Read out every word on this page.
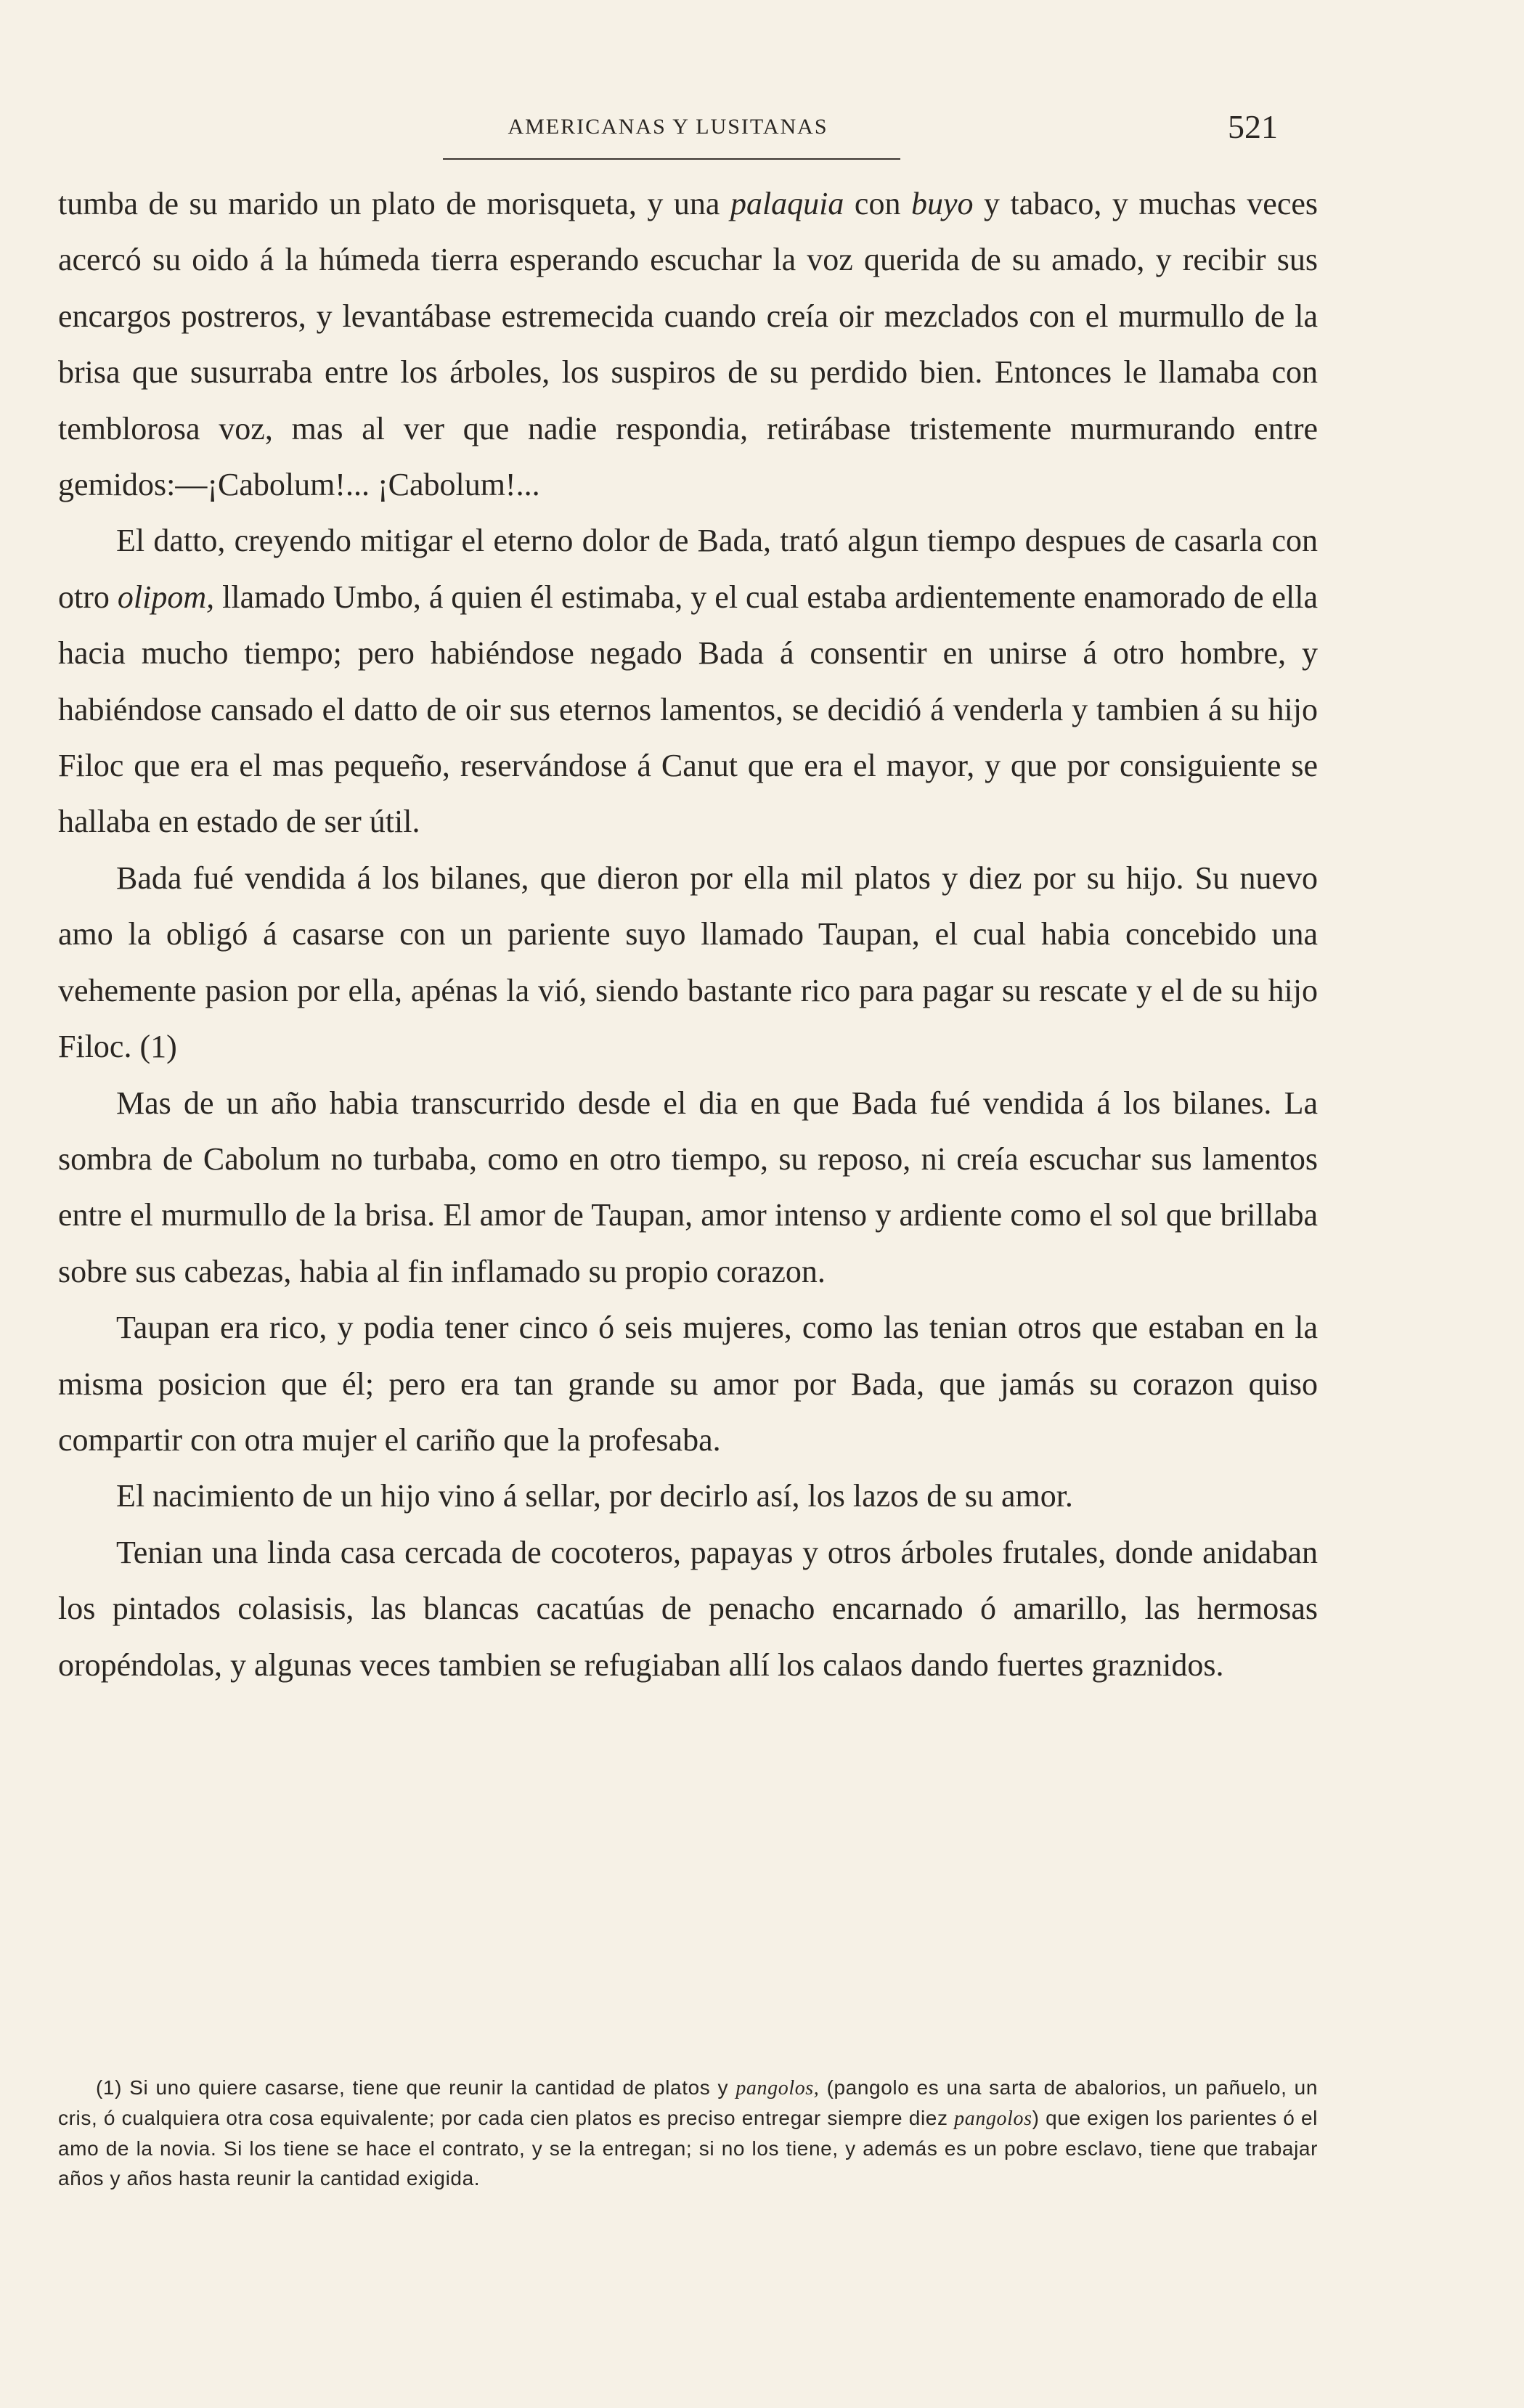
AMERICANAS Y LUSITANAS	521

tumba de su marido un plato de morisqueta, y una palaquia con buyo y tabaco, y muchas veces acercó su oido á la húmeda tierra esperando escuchar la voz querida de su amado, y recibir sus encargos postreros, y levantábase estremecida cuando creía oir mezclados con el murmullo de la brisa que susurraba entre los árboles, los suspiros de su perdido bien. Entonces le llamaba con temblorosa voz, mas al ver que nadie respondia, retirábase tristemente murmurando entre gemidos:—¡Cabolum!... ¡Cabolum!...

El datto, creyendo mitigar el eterno dolor de Bada, trató algun tiempo despues de casarla con otro olipom, llamado Umbo, á quien él estimaba, y el cual estaba ardientemente enamorado de ella hacia mucho tiempo; pero habiéndose negado Bada á consentir en unirse á otro hombre, y habiéndose cansado el datto de oir sus eternos lamentos, se decidió á venderla y tambien á su hijo Filoc que era el mas pequeño, reservándose á Canut que era el mayor, y que por consiguiente se hallaba en estado de ser útil.

Bada fué vendida á los bilanes, que dieron por ella mil platos y diez por su hijo. Su nuevo amo la obligó á casarse con un pariente suyo llamado Taupan, el cual habia concebido una vehemente pasion por ella, apénas la vió, siendo bastante rico para pagar su rescate y el de su hijo Filoc. (1)

Mas de un año habia transcurrido desde el dia en que Bada fué vendida á los bilanes. La sombra de Cabolum no turbaba, como en otro tiempo, su reposo, ni creía escuchar sus lamentos entre el murmullo de la brisa. El amor de Taupan, amor intenso y ardiente como el sol que brillaba sobre sus cabezas, habia al fin inflamado su propio corazon.

Taupan era rico, y podia tener cinco ó seis mujeres, como las tenian otros que estaban en la misma posicion que él; pero era tan grande su amor por Bada, que jamás su corazon quiso compartir con otra mujer el cariño que la profesaba.

El nacimiento de un hijo vino á sellar, por decirlo así, los lazos de su amor.

Tenian una linda casa cercada de cocoteros, papayas y otros árboles frutales, donde anidaban los pintados colasisis, las blancas cacatúas de penacho encarnado ó amarillo, las hermosas oropéndolas, y algunas veces tambien se refugiaban allí los calaos dando fuertes graznidos.

(1) Si uno quiere casarse, tiene que reunir la cantidad de platos y pangolos, (pangolo es una sarta de abalorios, un pañuelo, un cris, ó cualquiera otra cosa equivalente; por cada cien platos es preciso entregar siempre diez pangolos) que exigen los parientes ó el amo de la novia. Si los tiene se hace el contrato, y se la entregan; si no los tiene, y además es un pobre esclavo, tiene que trabajar años y años hasta reunir la cantidad exigida.
